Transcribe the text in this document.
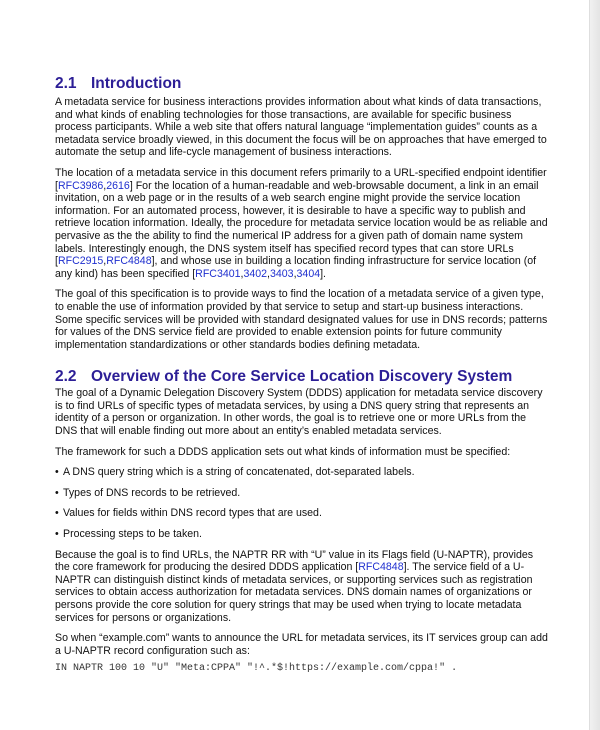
2.1 Introduction

A metadata service for business interactions provides information about what kinds of data transactions, and what kinds of enabling technologies for those transactions, are available for specific business process participants. While a web site that offers natural language “implementation guides” counts as a metadata service broadly viewed, in this document the focus will be on approaches that have emerged to automate the setup and life-cycle management of business interactions.

The location of a metadata service in this document refers primarily to a URL-specified endpoint identifier [RFC3986,2616] For the location of a human-readable and web-browsable document, a link in an email invitation, on a web page or in the results of a web search engine might provide the service location information. For an automated process, however, it is desirable to have a specific way to publish and retrieve location information. Ideally, the procedure for metadata service location would be as reliable and pervasive as the the ability to find the numerical IP address for a given path of domain name system labels. Interestingly enough, the DNS system itself has specified record types that can store URLs [RFC2915,RFC4848], and whose use in building a location finding infrastructure for service location (of any kind) has been specified [RFC3401,3402,3403,3404].

The goal of this specification is to provide ways to find the location of a metadata service of a given type, to enable the use of information provided by that service to setup and start-up business interactions. Some specific services will be provided with standard designated values for use in DNS records; patterns for values of the DNS service field are provided to enable extension points for future community implementation standardizations or other standards bodies defining metadata.

2.2 Overview of the Core Service Location Discovery System

The goal of a Dynamic Delegation Discovery System (DDDS) application for metadata service discovery is to find URLs of specific types of metadata services, by using a DNS query string that represents an identity of a person or organization. In other words, the goal is to retrieve one or more URLs from the DNS that will enable finding out more about an entity’s enabled metadata services.

The framework for such a DDDS application sets out what kinds of information must be specified:

• A DNS query string which is a string of concatenated, dot-separated labels.
• Types of DNS records to be retrieved.
• Values for fields within DNS record types that are used.
• Processing steps to be taken.

Because the goal is to find URLs, the NAPTR RR with “U” value in its Flags field (U-NAPTR), provides the core framework for producing the desired DDDS application [RFC4848]. The service field of a U-NAPTR can distinguish distinct kinds of metadata services, or supporting services such as registration services to obtain access authorization for metadata services. DNS domain names of organizations or persons provide the core solution for query strings that may be used when trying to locate metadata services for persons or organizations.

So when “example.com” wants to announce the URL for metadata services, its IT services group can add a U-NAPTR record configuration such as:

IN NAPTR 100 10 "U" "Meta:CPPA" "!^.*$!https://example.com/cppa!" .
